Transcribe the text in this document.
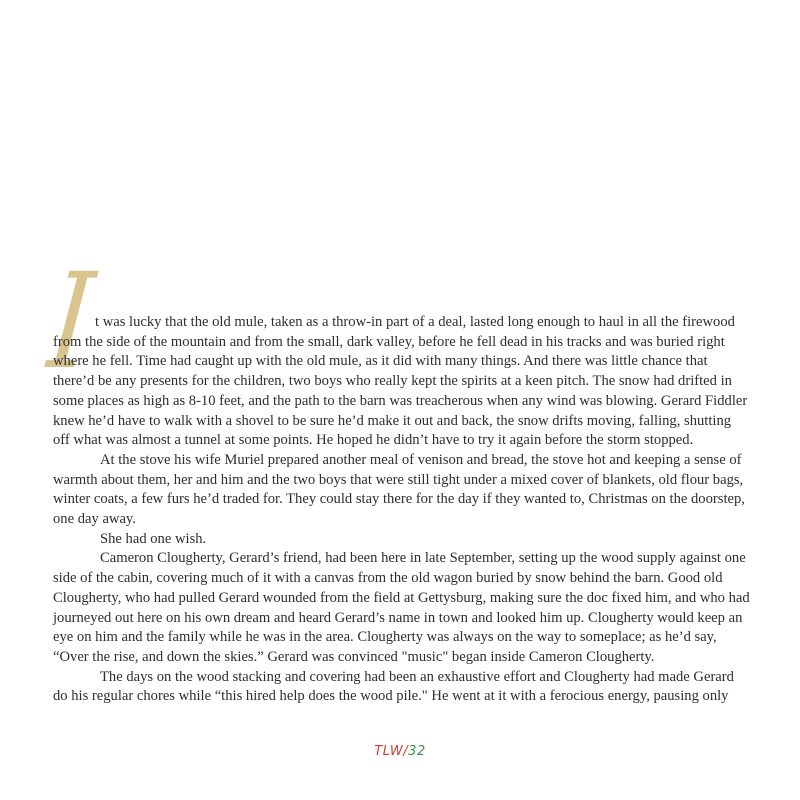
I

t was lucky that the old mule, taken as a throw-in part of a deal, lasted long enough to haul in all the firewood from the side of the mountain and from the small, dark valley, before he fell dead in his tracks and was buried right where he fell. Time had caught up with the old mule, as it did with many things. And there was little chance that there’d be any presents for the children, two boys who really kept the spirits at a keen pitch. The snow had drifted in some places as high as 8-10 feet, and the path to the barn was treacherous when any wind was blowing. Gerard Fiddler knew he’d have to walk with a shovel to be sure he’d make it out and back, the snow drifts moving, falling, shutting off what was almost a tunnel at some points. He hoped he didn’t have to try it again before the storm stopped.

At the stove his wife Muriel prepared another meal of venison and bread, the stove hot and keeping a sense of warmth about them, her and him and the two boys that were still tight under a mixed cover of blankets, old flour bags, winter coats, a few furs he’d traded for. They could stay there for the day if they wanted to, Christmas on the doorstep, one day away.

She had one wish.

Cameron Clougherty, Gerard’s friend, had been here in late September, setting up the wood supply against one side of the cabin, covering much of it with a canvas from the old wagon buried by snow behind the barn. Good old Clougherty, who had pulled Gerard wounded from the field at Gettysburg, making sure the doc fixed him, and who had journeyed out here on his own dream and heard Gerard’s name in town and looked him up. Clougherty would keep an eye on him and the family while he was in the area. Clougherty was always on the way to someplace; as he’d say, “Over the rise, and down the skies.” Gerard was convinced "music" began inside Cameron Clougherty.

The days on the wood stacking and covering had been an exhaustive effort and Clougherty had made Gerard do his regular chores while “this hired help does the wood pile." He went at it with a ferocious energy, pausing only

TLW/32
